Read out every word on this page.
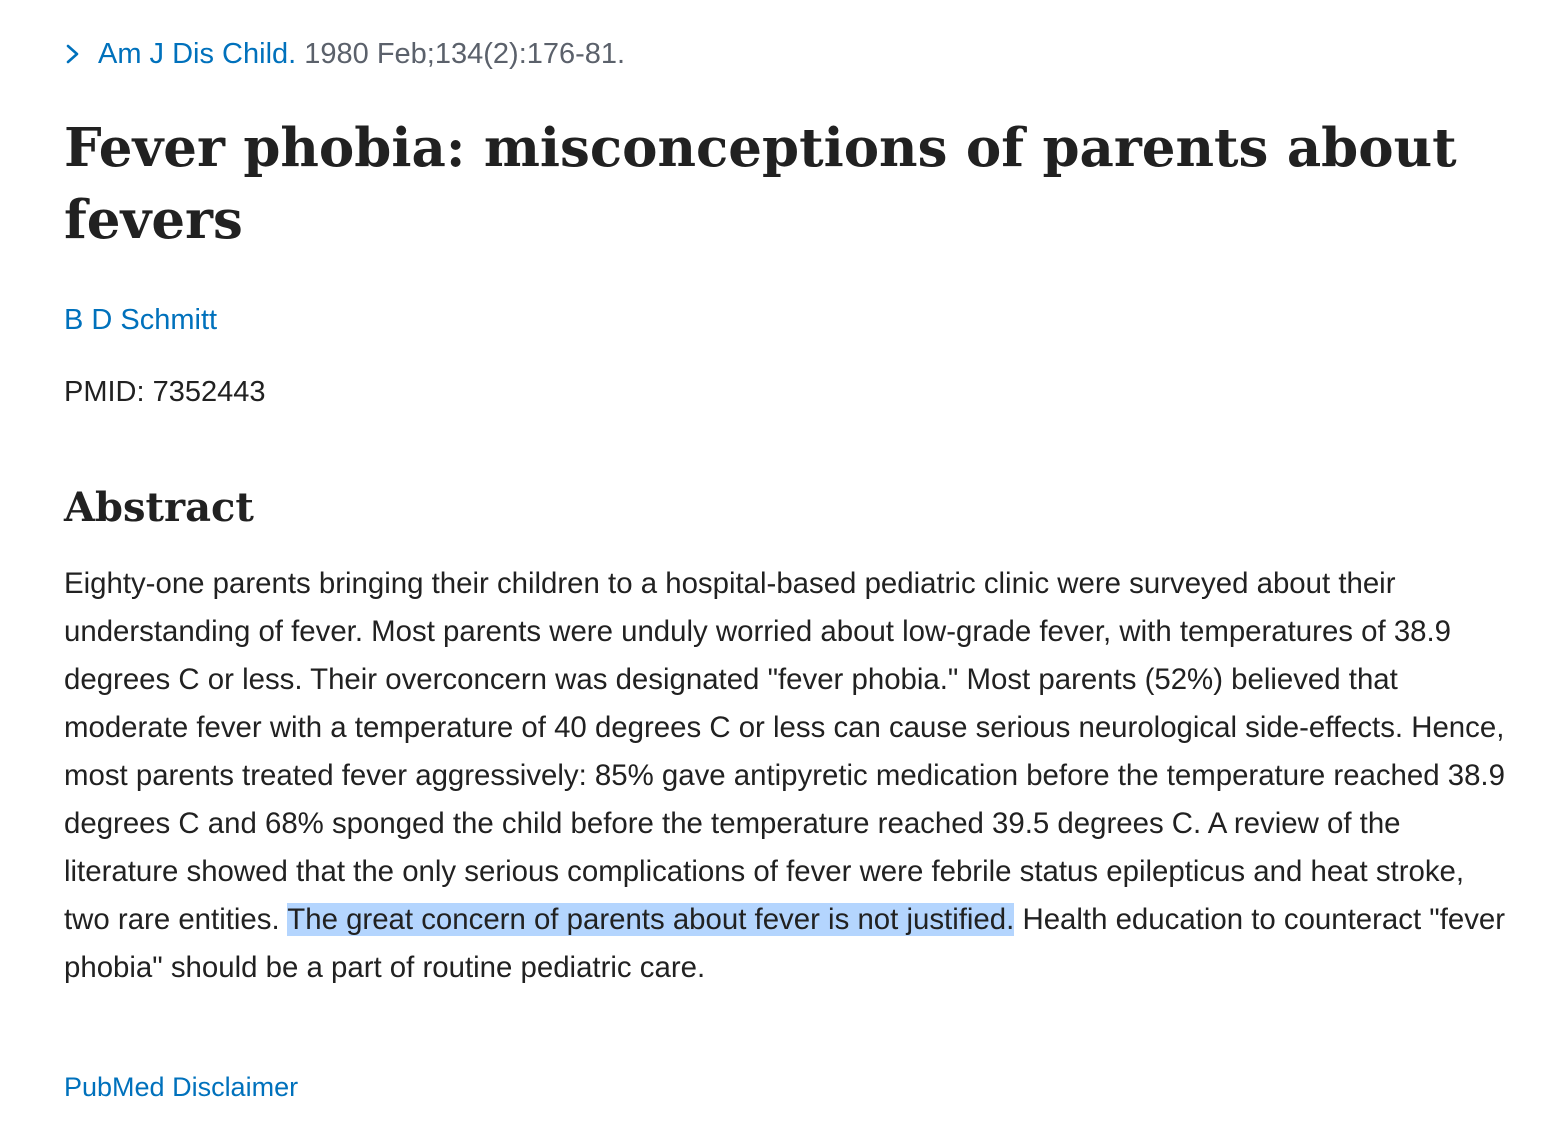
Am J Dis Child. 1980 Feb;134(2):176-81.
Fever phobia: misconceptions of parents about fevers
B D Schmitt
PMID: 7352443
Abstract

Eighty-one parents bringing their children to a hospital-based pediatric clinic were surveyed about their understanding of fever. Most parents were unduly worried about low-grade fever, with temperatures of 38.9 degrees C or less. Their overconcern was designated "fever phobia." Most parents (52%) believed that moderate fever with a temperature of 40 degrees C or less can cause serious neurological side-effects. Hence, most parents treated fever aggressively: 85% gave antipyretic medication before the temperature reached 38.9 degrees C and 68% sponged the child before the temperature reached 39.5 degrees C. A review of the literature showed that the only serious complications of fever were febrile status epilepticus and heat stroke, two rare entities. The great concern of parents about fever is not justified. Health education to counteract "fever phobia" should be a part of routine pediatric care.

PubMed Disclaimer
